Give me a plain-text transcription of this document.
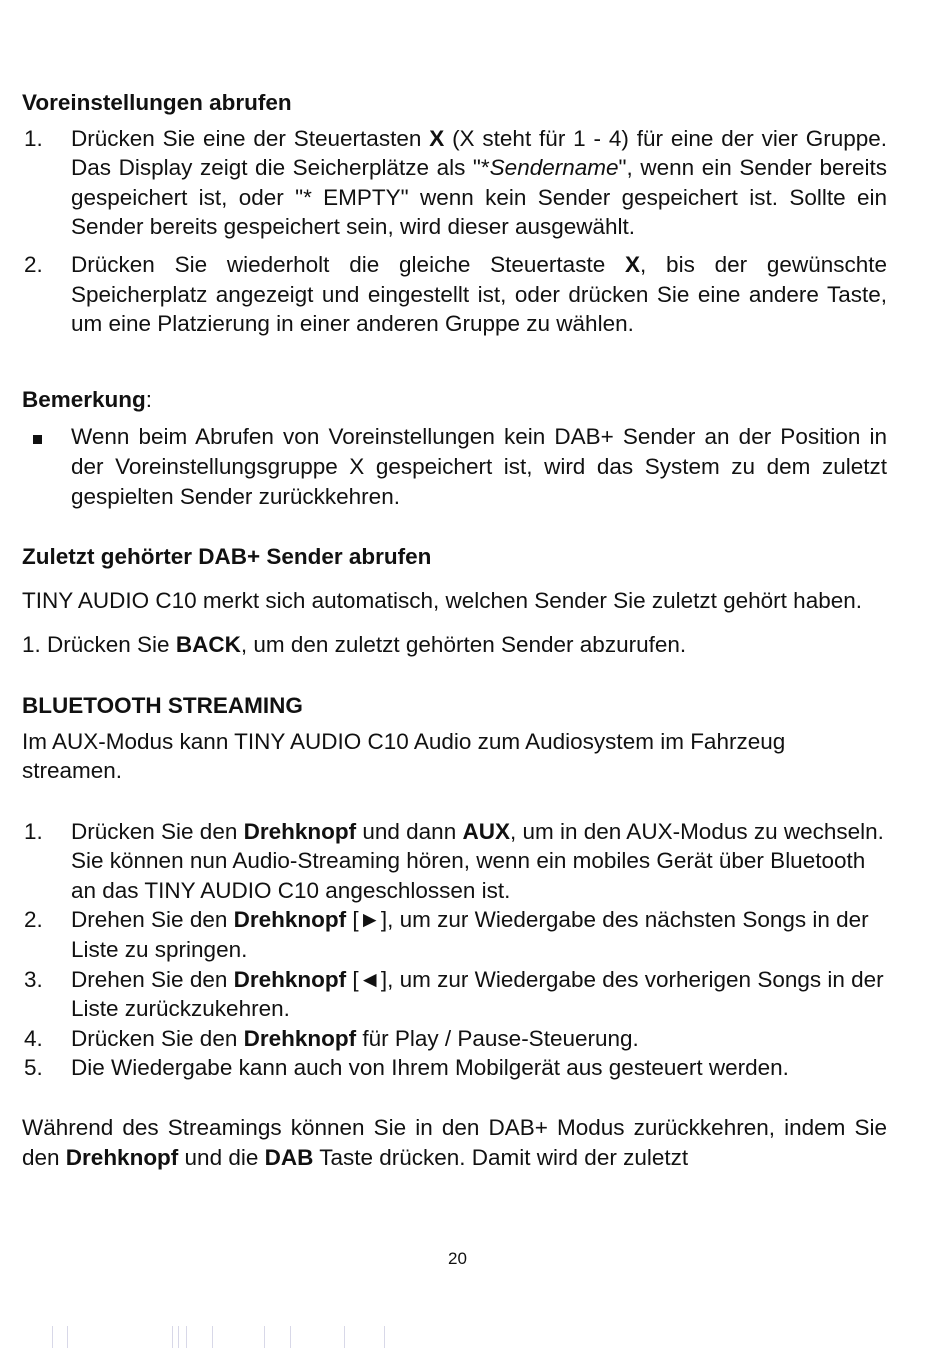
Voreinstellungen abrufen
1.	Drücken Sie eine der Steuertasten X (X steht für 1 - 4) für eine der vier Gruppe. Das Display zeigt die Seicherplätze als "*Sendername", wenn ein Sender bereits gespeichert ist, oder "* EMPTY" wenn kein Sender gespeichert ist. Sollte ein Sender bereits gespeichert sein, wird dieser ausgewählt.
2.	Drücken Sie wiederholt die gleiche Steuertaste X, bis der gewünschte Speicherplatz angezeigt und eingestellt ist, oder drücken Sie eine andere Taste, um eine Platzierung in einer anderen Gruppe zu wählen.

Bemerkung:

Wenn beim Abrufen von Voreinstellungen kein DAB+ Sender an der Position in der Voreinstellungsgruppe X gespeichert ist, wird das System zu dem zuletzt gespielten Sender zurückkehren.
Zuletzt gehörter DAB+ Sender abrufen

TINY AUDIO C10 merkt sich automatisch, welchen Sender Sie zuletzt gehört haben.

1. Drücken Sie BACK, um den zuletzt gehörten Sender abzurufen.

BLUETOOTH STREAMING

Im AUX-Modus kann TINY AUDIO C10 Audio zum Audiosystem im Fahrzeug streamen.

1.	Drücken Sie den Drehknopf und dann AUX, um in den AUX-Modus zu wechseln. Sie können nun Audio-Streaming hören, wenn ein mobiles Gerät über Bluetooth an das TINY AUDIO C10 angeschlossen ist.
2.	Drehen Sie den Drehknopf [►], um zur Wiedergabe des nächsten Songs in der Liste zu springen.
3.	Drehen Sie den Drehknopf [◄], um zur Wiedergabe des vorherigen Songs in der Liste zurückzukehren.
4.	Drücken Sie den Drehknopf für Play / Pause-Steuerung.
5.	Die Wiedergabe kann auch von Ihrem Mobilgerät aus gesteuert werden.

Während des Streamings können Sie in den DAB+ Modus zurückkehren, indem Sie den Drehknopf und die DAB Taste drücken. Damit wird der zuletzt

20
